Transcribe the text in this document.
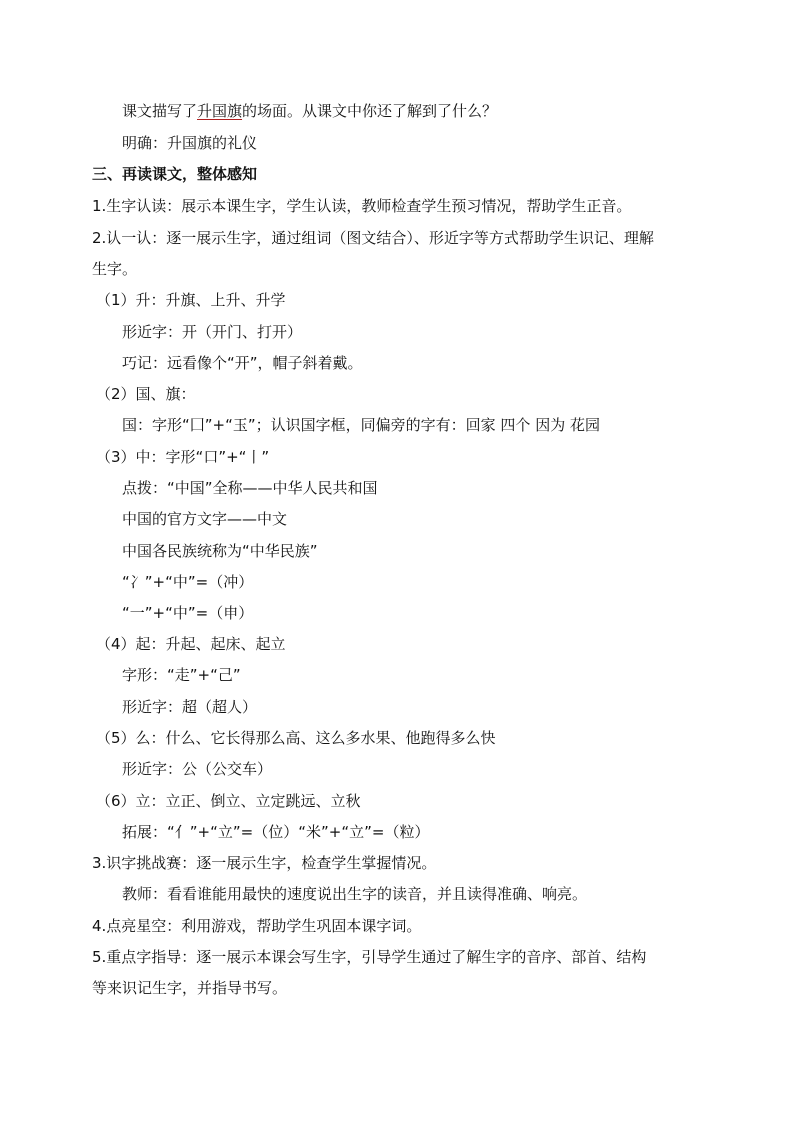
课文描写了升国旗的场面。从课文中你还了解到了什么？
明确：升国旗的礼仪
三、再读课文，整体感知
1.生字认读：展示本课生字，学生认读，教师检查学生预习情况，帮助学生正音。
2.认一认：逐一展示生字，通过组词（图文结合）、形近字等方式帮助学生识记、理解
生字。
（1）升：升旗、上升、升学
形近字：开（开门、打开）
巧记：远看像个“开”，帽子斜着戴。
（2）国、旗：
国：字形“囗”+“玉”；认识国字框，同偏旁的字有：回家 四个 因为 花园
（3）中：字形“口”+“丨”
点拨：“中国”全称——中华人民共和国
中国的官方文字——中文
中国各民族统称为“中华民族”
“冫”+“中”=（冲）
“一”+“中”=（申）
（4）起：升起、起床、起立
字形：“走”+“己”
形近字：超（超人）
（5）么：什么、它长得那么高、这么多水果、他跑得多么快
形近字：公（公交车）
（6）立：立正、倒立、立定跳远、立秋
拓展：“亻”+“立”=（位）“米”+“立”=（粒）
3.识字挑战赛：逐一展示生字，检查学生掌握情况。
教师：看看谁能用最快的速度说出生字的读音，并且读得准确、响亮。
4.点亮星空：利用游戏，帮助学生巩固本课字词。
5.重点字指导：逐一展示本课会写生字，引导学生通过了解生字的音序、部首、结构
等来识记生字，并指导书写。
